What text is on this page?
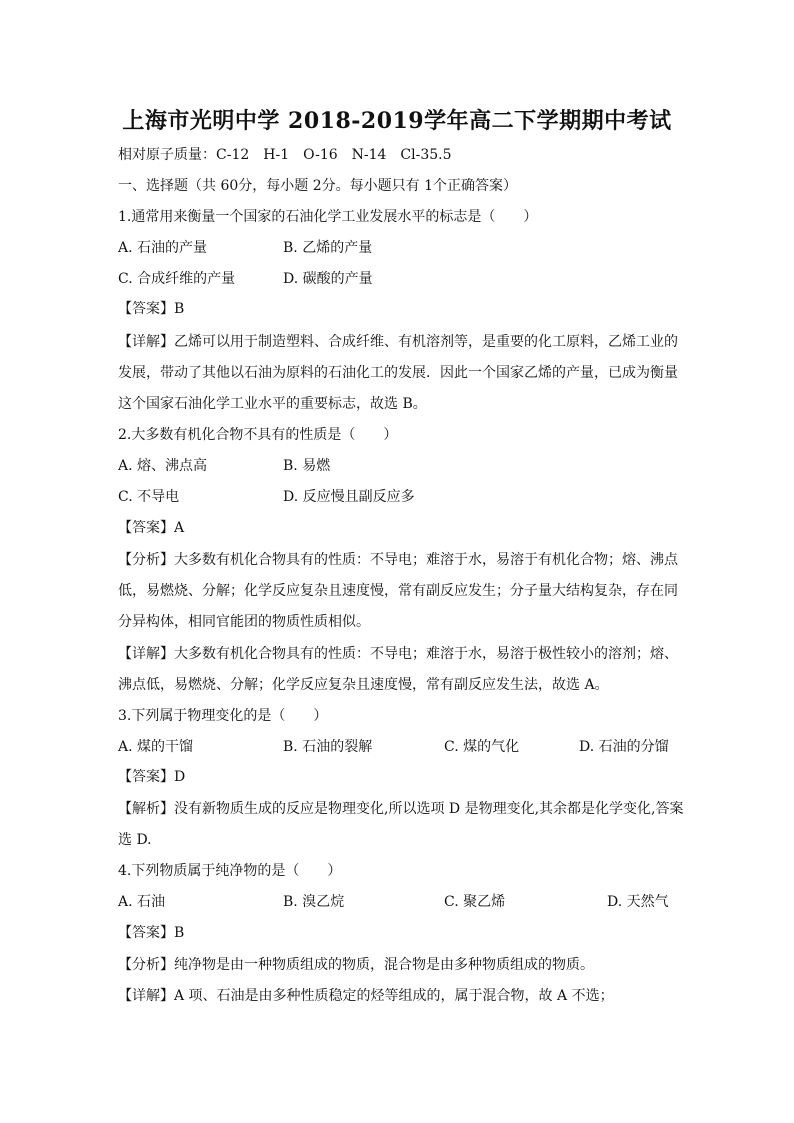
上海市光明中学 2018-2019学年高二下学期期中考试
相对原子质量：C-12　H-1　O-16　N-14　Cl-35.5
一、选择题（共 60分，每小题 2分。每小题只有 1个正确答案）
1.通常用来衡量一个国家的石油化学工业发展水平的标志是（　　）
A. 石油的产量	B. 乙烯的产量
C. 合成纤维的产量	D. 碳酸的产量
【答案】B
【详解】乙烯可以用于制造塑料、合成纤维、有机溶剂等，是重要的化工原料，乙烯工业的
发展，带动了其他以石油为原料的石油化工的发展．因此一个国家乙烯的产量，已成为衡量
这个国家石油化学工业水平的重要标志，故选 B。
2.大多数有机化合物不具有的性质是（　　）
A. 熔、沸点高	B. 易燃
C. 不导电	D. 反应慢且副反应多
【答案】A
【分析】大多数有机化合物具有的性质：不导电；难溶于水，易溶于有机化合物；熔、沸点
低，易燃烧、分解；化学反应复杂且速度慢，常有副反应发生；分子量大结构复杂，存在同
分异构体，相同官能团的物质性质相似。
【详解】大多数有机化合物具有的性质：不导电；难溶于水，易溶于极性较小的溶剂；熔、
沸点低，易燃烧、分解；化学反应复杂且速度慢，常有副反应发生法，故选 A。
3.下列属于物理变化的是（　　）
A. 煤的干馏	B. 石油的裂解	C. 煤的气化	D. 石油的分馏
【答案】D
【解析】没有新物质生成的反应是物理变化,所以选项 D 是物理变化,其余都是化学变化,答案
选 D.
4.下列物质属于纯净物的是（　　）
A. 石油	B. 溴乙烷	C. 聚乙烯	D. 天然气
【答案】B
【分析】纯净物是由一种物质组成的物质，混合物是由多种物质组成的物质。
【详解】A 项、石油是由多种性质稳定的烃等组成的，属于混合物，故 A 不选；
